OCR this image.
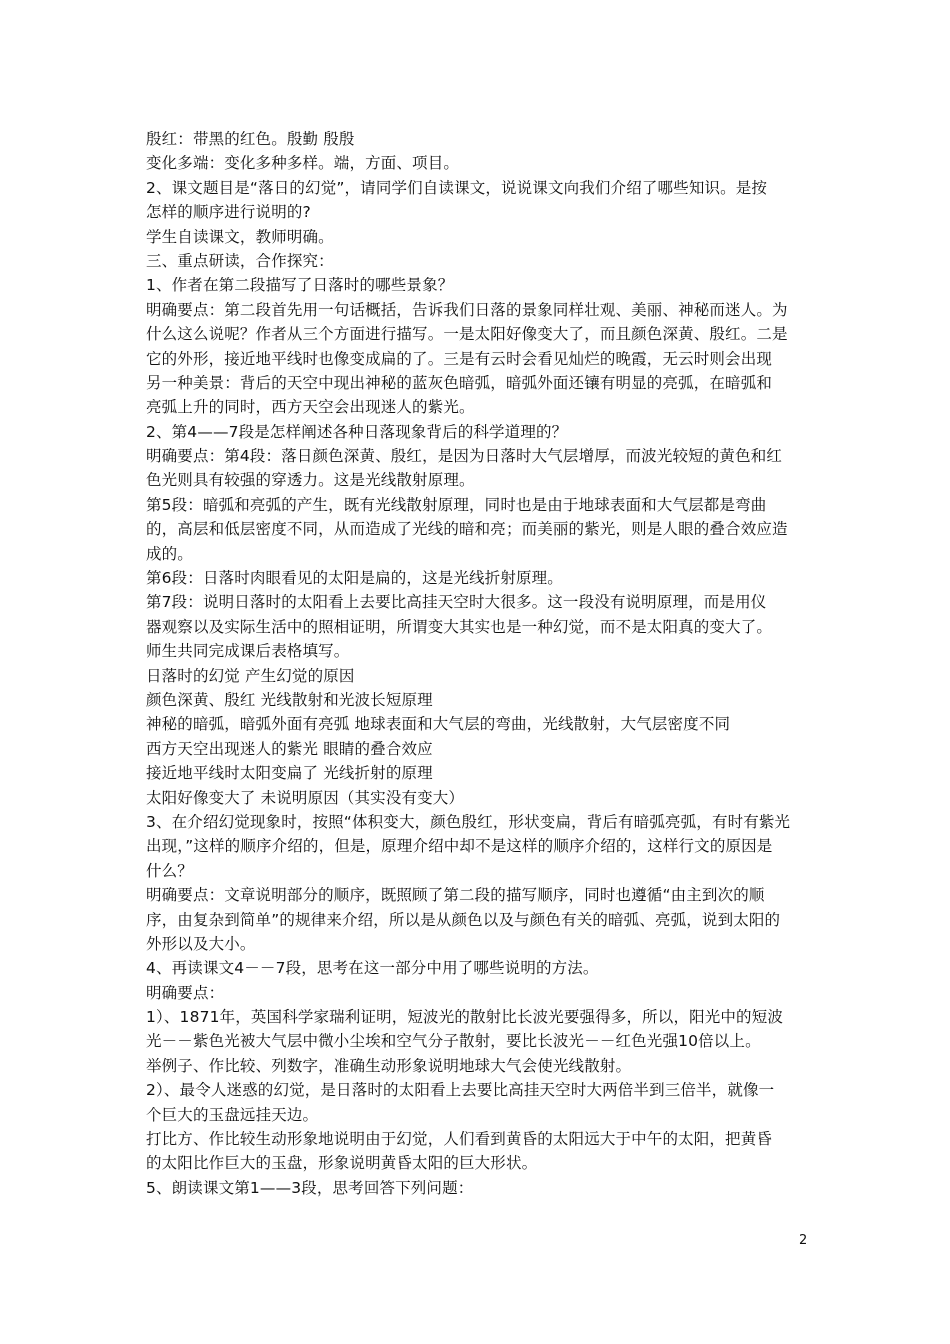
殷红：带黑的红色。殷勤 殷殷
变化多端：变化多种多样。端，方面、项目。
2、课文题目是“落日的幻觉”，请同学们自读课文，说说课文向我们介绍了哪些知识。是按
怎样的顺序进行说明的?
学生自读课文，教师明确。
三、重点研读，合作探究：
1、作者在第二段描写了日落时的哪些景象？
明确要点：第二段首先用一句话概括，告诉我们日落的景象同样壮观、美丽、神秘而迷人。为
什么这么说呢？作者从三个方面进行描写。一是太阳好像变大了，而且颜色深黄、殷红。二是
它的外形，接近地平线时也像变成扁的了。三是有云时会看见灿烂的晚霞，无云时则会出现
另一种美景：背后的天空中现出神秘的蓝灰色暗弧，暗弧外面还镶有明显的亮弧，在暗弧和
亮弧上升的同时，西方天空会出现迷人的紫光。
2、第4——7段是怎样阐述各种日落现象背后的科学道理的？
明确要点：第4段：落日颜色深黄、殷红，是因为日落时大气层增厚，而波光较短的黄色和红
色光则具有较强的穿透力。这是光线散射原理。
第5段：暗弧和亮弧的产生，既有光线散射原理，同时也是由于地球表面和大气层都是弯曲
的，高层和低层密度不同，从而造成了光线的暗和亮；而美丽的紫光，则是人眼的叠合效应造
成的。
第6段：日落时肉眼看见的太阳是扁的，这是光线折射原理。
第7段：说明日落时的太阳看上去要比高挂天空时大很多。这一段没有说明原理，而是用仪
器观察以及实际生活中的照相证明，所谓变大其实也是一种幻觉，而不是太阳真的变大了。
师生共同完成课后表格填写。
日落时的幻觉 产生幻觉的原因
颜色深黄、殷红 光线散射和光波长短原理
神秘的暗弧，暗弧外面有亮弧 地球表面和大气层的弯曲，光线散射，大气层密度不同
西方天空出现迷人的紫光 眼睛的叠合效应
接近地平线时太阳变扁了 光线折射的原理
太阳好像变大了 未说明原因（其实没有变大）
3、在介绍幻觉现象时，按照“体积变大，颜色殷红，形状变扁，背后有暗弧亮弧，有时有紫光
出现，”这样的顺序介绍的，但是，原理介绍中却不是这样的顺序介绍的，这样行文的原因是
什么？
明确要点：文章说明部分的顺序，既照顾了第二段的描写顺序，同时也遵循“由主到次的顺
序，由复杂到简单”的规律来介绍，所以是从颜色以及与颜色有关的暗弧、亮弧，说到太阳的
外形以及大小。
4、再读课文4－－7段，思考在这一部分中用了哪些说明的方法。
明确要点：
1）、1871年，英国科学家瑞利证明，短波光的散射比长波光要强得多，所以，阳光中的短波
光－－紫色光被大气层中微小尘埃和空气分子散射，要比长波光－－红色光强10倍以上。
举例子、作比较、列数字，准确生动形象说明地球大气会使光线散射。
2）、最令人迷惑的幻觉，是日落时的太阳看上去要比高挂天空时大两倍半到三倍半，就像一
个巨大的玉盘远挂天边。
打比方、作比较生动形象地说明由于幻觉，人们看到黄昏的太阳远大于中午的太阳，把黄昏
的太阳比作巨大的玉盘，形象说明黄昏太阳的巨大形状。
5、朗读课文第1——3段，思考回答下列问题：
2
